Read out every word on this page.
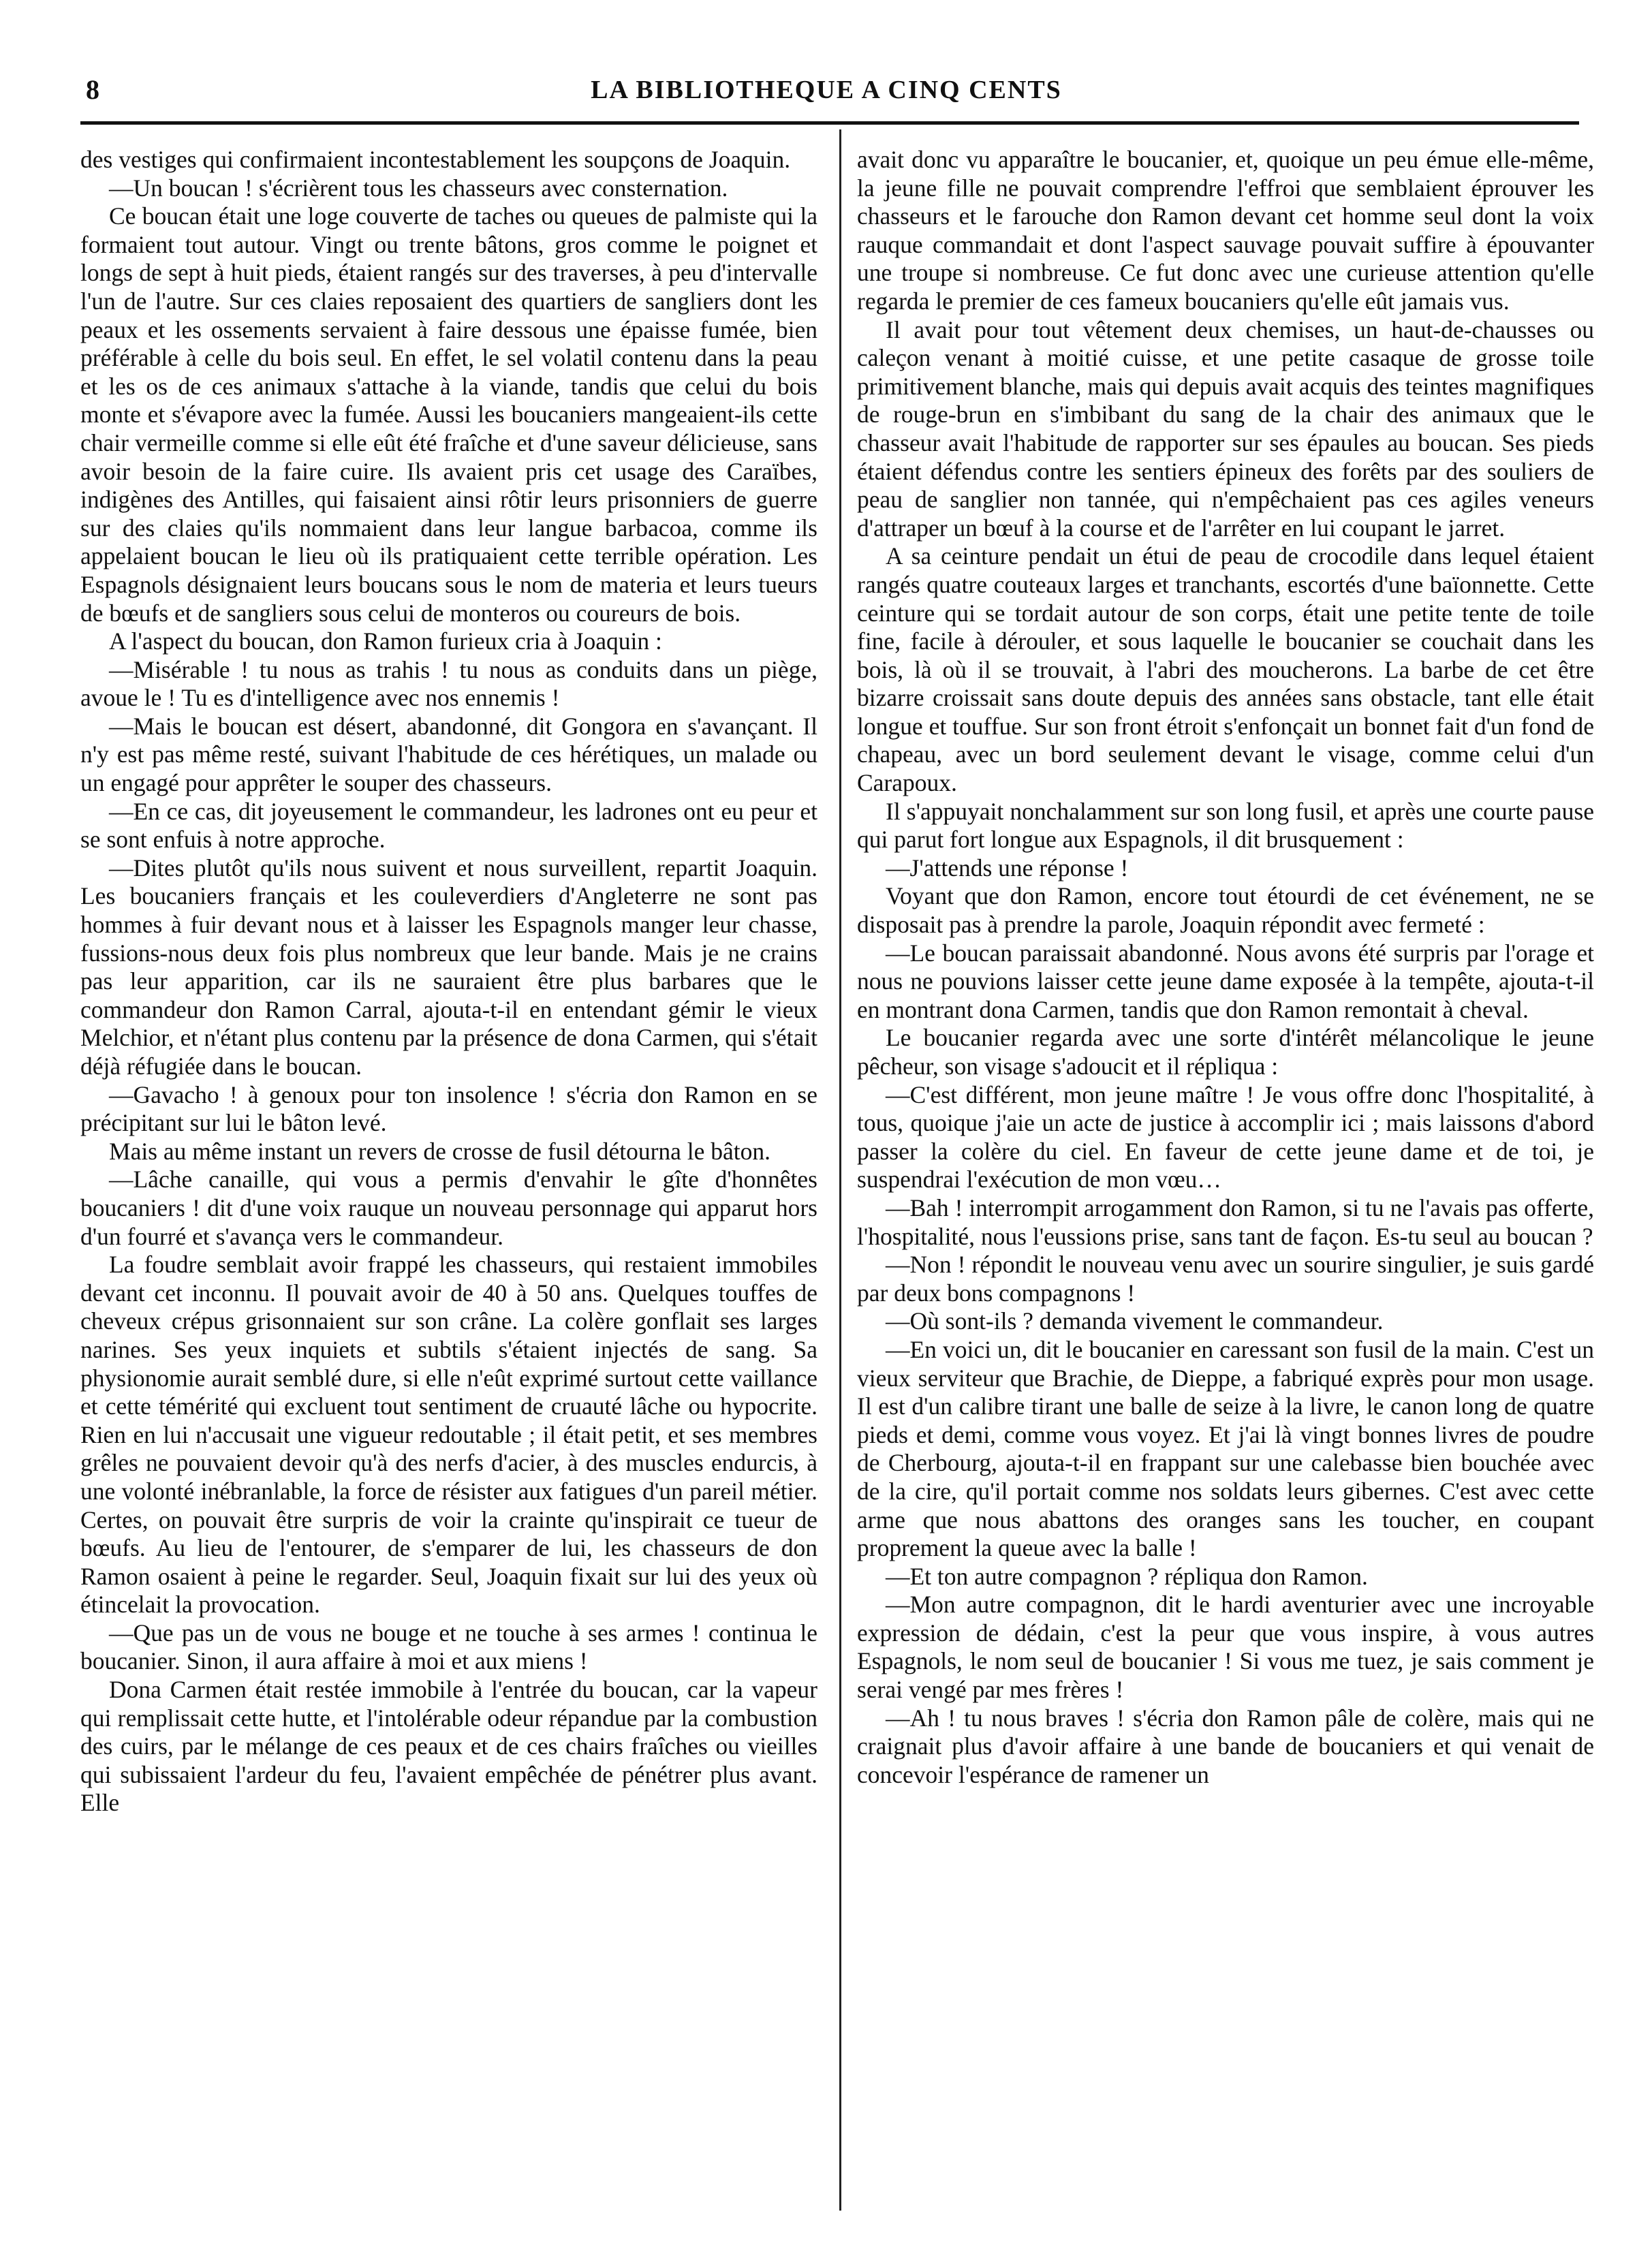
8	LA BIBLIOTHEQUE A CINQ CENTS

des vestiges qui confirmaient incontestablement les soupçons de Joaquin.

—Un boucan ! s'écrièrent tous les chasseurs avec consternation.

Ce boucan était une loge couverte de taches ou queues de palmiste qui la formaient tout autour. Vingt ou trente bâtons, gros comme le poignet et longs de sept à huit pieds, étaient rangés sur des traverses, à peu d'intervalle l'un de l'autre. Sur ces claies reposaient des quartiers de sangliers dont les peaux et les ossements servaient à faire dessous une épaisse fumée, bien préférable à celle du bois seul. En effet, le sel volatil contenu dans la peau et les os de ces animaux s'attache à la viande, tandis que celui du bois monte et s'évapore avec la fumée. Aussi les boucaniers mangeaient-ils cette chair vermeille comme si elle eût été fraîche et d'une saveur délicieuse, sans avoir besoin de la faire cuire. Ils avaient pris cet usage des Caraïbes, indigènes des Antilles, qui faisaient ainsi rôtir leurs prisonniers de guerre sur des claies qu'ils nommaient dans leur langue barbacoa, comme ils appelaient boucan le lieu où ils pratiquaient cette terrible opération. Les Espagnols désignaient leurs boucans sous le nom de materia et leurs tueurs de bœufs et de sangliers sous celui de monteros ou coureurs de bois.

A l'aspect du boucan, don Ramon furieux cria à Joaquin :

—Misérable ! tu nous as trahis ! tu nous as conduits dans un piège, avoue le ! Tu es d'intelligence avec nos ennemis !

—Mais le boucan est désert, abandonné, dit Gongora en s'avançant. Il n'y est pas même resté, suivant l'habitude de ces hérétiques, un malade ou un engagé pour apprêter le souper des chasseurs.

—En ce cas, dit joyeusement le commandeur, les ladrones ont eu peur et se sont enfuis à notre approche.

—Dites plutôt qu'ils nous suivent et nous surveillent, repartit Joaquin. Les boucaniers français et les couleverdiers d'Angleterre ne sont pas hommes à fuir devant nous et à laisser les Espagnols manger leur chasse, fussions-nous deux fois plus nombreux que leur bande. Mais je ne crains pas leur apparition, car ils ne sauraient être plus barbares que le commandeur don Ramon Carral, ajouta-t-il en entendant gémir le vieux Melchior, et n'étant plus contenu par la présence de dona Carmen, qui s'était déjà réfugiée dans le boucan.

—Gavacho ! à genoux pour ton insolence ! s'écria don Ramon en se précipitant sur lui le bâton levé.

Mais au même instant un revers de crosse de fusil détourna le bâton.

—Lâche canaille, qui vous a permis d'envahir le gîte d'honnêtes boucaniers ! dit d'une voix rauque un nouveau personnage qui apparut hors d'un fourré et s'avança vers le commandeur.

La foudre semblait avoir frappé les chasseurs, qui restaient immobiles devant cet inconnu. Il pouvait avoir de 40 à 50 ans. Quelques touffes de cheveux crépus grisonnaient sur son crâne. La colère gonflait ses larges narines. Ses yeux inquiets et subtils s'étaient injectés de sang. Sa physionomie aurait semblé dure, si elle n'eût exprimé surtout cette vaillance et cette témérité qui excluent tout sentiment de cruauté lâche ou hypocrite. Rien en lui n'accusait une vigueur redoutable ; il était petit, et ses membres grêles ne pouvaient devoir qu'à des nerfs d'acier, à des muscles endurcis, à une volonté inébranlable, la force de résister aux fatigues d'un pareil métier. Certes, on pouvait être surpris de voir la crainte qu'inspirait ce tueur de bœufs. Au lieu de l'entourer, de s'emparer de lui, les chasseurs de don Ramon osaient à peine le regarder. Seul, Joaquin fixait sur lui des yeux où étincelait la provocation.

—Que pas un de vous ne bouge et ne touche à ses armes ! continua le boucanier. Sinon, il aura affaire à moi et aux miens !

Dona Carmen était restée immobile à l'entrée du boucan, car la vapeur qui remplissait cette hutte, et l'intolérable odeur répandue par la combustion des cuirs, par le mélange de ces peaux et de ces chairs fraîches ou vieilles qui subissaient l'ardeur du feu, l'avaient empêchée de pénétrer plus avant. Elle

avait donc vu apparaître le boucanier, et, quoique un peu émue elle-même, la jeune fille ne pouvait comprendre l'effroi que semblaient éprouver les chasseurs et le farouche don Ramon devant cet homme seul dont la voix rauque commandait et dont l'aspect sauvage pouvait suffire à épouvanter une troupe si nombreuse. Ce fut donc avec une curieuse attention qu'elle regarda le premier de ces fameux boucaniers qu'elle eût jamais vus.

Il avait pour tout vêtement deux chemises, un haut-de-chausses ou caleçon venant à moitié cuisse, et une petite casaque de grosse toile primitivement blanche, mais qui depuis avait acquis des teintes magnifiques de rouge-brun en s'imbibant du sang de la chair des animaux que le chasseur avait l'habitude de rapporter sur ses épaules au boucan. Ses pieds étaient défendus contre les sentiers épineux des forêts par des souliers de peau de sanglier non tannée, qui n'empêchaient pas ces agiles veneurs d'attraper un bœuf à la course et de l'arrêter en lui coupant le jarret.

A sa ceinture pendait un étui de peau de crocodile dans lequel étaient rangés quatre couteaux larges et tranchants, escortés d'une baïonnette. Cette ceinture qui se tordait autour de son corps, était une petite tente de toile fine, facile à dérouler, et sous laquelle le boucanier se couchait dans les bois, là où il se trouvait, à l'abri des moucherons. La barbe de cet être bizarre croissait sans doute depuis des années sans obstacle, tant elle était longue et touffue. Sur son front étroit s'enfonçait un bonnet fait d'un fond de chapeau, avec un bord seulement devant le visage, comme celui d'un Carapoux.

Il s'appuyait nonchalamment sur son long fusil, et après une courte pause qui parut fort longue aux Espagnols, il dit brusquement :

—J'attends une réponse !

Voyant que don Ramon, encore tout étourdi de cet événement, ne se disposait pas à prendre la parole, Joaquin répondit avec fermeté :

—Le boucan paraissait abandonné. Nous avons été surpris par l'orage et nous ne pouvions laisser cette jeune dame exposée à la tempête, ajouta-t-il en montrant dona Carmen, tandis que don Ramon remontait à cheval.

Le boucanier regarda avec une sorte d'intérêt mélancolique le jeune pêcheur, son visage s'adoucit et il répliqua :

—C'est différent, mon jeune maître ! Je vous offre donc l'hospitalité, à tous, quoique j'aie un acte de justice à accomplir ici ; mais laissons d'abord passer la colère du ciel. En faveur de cette jeune dame et de toi, je suspendrai l'exécution de mon vœu…

—Bah ! interrompit arrogamment don Ramon, si tu ne l'avais pas offerte, l'hospitalité, nous l'eussions prise, sans tant de façon. Es-tu seul au boucan ?

—Non ! répondit le nouveau venu avec un sourire singulier, je suis gardé par deux bons compagnons !

—Où sont-ils ? demanda vivement le commandeur.

—En voici un, dit le boucanier en caressant son fusil de la main. C'est un vieux serviteur que Brachie, de Dieppe, a fabriqué exprès pour mon usage. Il est d'un calibre tirant une balle de seize à la livre, le canon long de quatre pieds et demi, comme vous voyez. Et j'ai là vingt bonnes livres de poudre de Cherbourg, ajouta-t-il en frappant sur une calebasse bien bouchée avec de la cire, qu'il portait comme nos soldats leurs gibernes. C'est avec cette arme que nous abattons des oranges sans les toucher, en coupant proprement la queue avec la balle !

—Et ton autre compagnon ? répliqua don Ramon.

—Mon autre compagnon, dit le hardi aventurier avec une incroyable expression de dédain, c'est la peur que vous inspire, à vous autres Espagnols, le nom seul de boucanier ! Si vous me tuez, je sais comment je serai vengé par mes frères !

—Ah ! tu nous braves ! s'écria don Ramon pâle de colère, mais qui ne craignait plus d'avoir affaire à une bande de boucaniers et qui venait de concevoir l'espérance de ramener un
